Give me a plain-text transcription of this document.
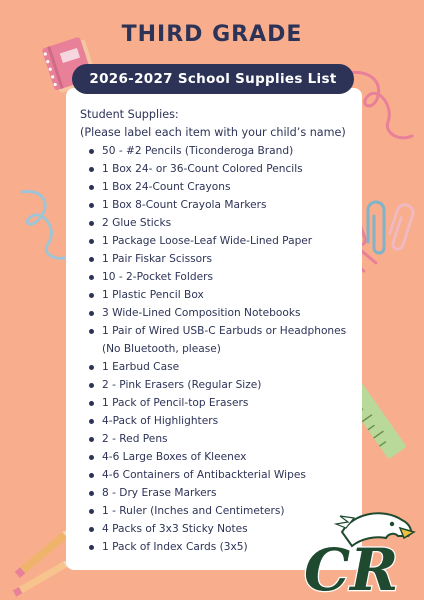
THIRD GRADE
2026-2027 School Supplies List
Student Supplies:
(Please label each item with your child’s name)
50 - #2 Pencils (Ticonderoga Brand)
1 Box 24- or 36-Count Colored Pencils
1 Box 24-Count Crayons
1 Box 8-Count Crayola Markers
2 Glue Sticks
1 Package Loose-Leaf Wide-Lined Paper
1 Pair Fiskar Scissors
10 - 2-Pocket Folders
1 Plastic Pencil Box
3 Wide-Lined Composition Notebooks
1 Pair of Wired USB-C Earbuds or Headphones
(No Bluetooth, please)
1 Earbud Case
2 - Pink Erasers (Regular Size)
1 Pack of Pencil-top Erasers
4-Pack of Highlighters
2 - Red Pens
4-6 Large Boxes of Kleenex
4-6 Containers of Antibackterial Wipes
8 - Dry Erase Markers
1 - Ruler (Inches and Centimeters)
4 Packs of 3x3 Sticky Notes
1 Pack of Index Cards (3x5) CR
